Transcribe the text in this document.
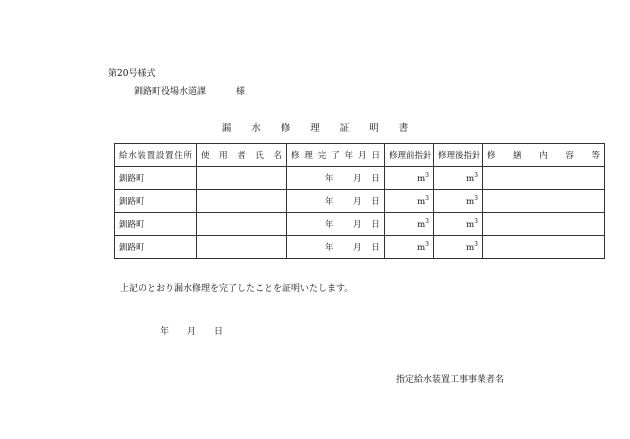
第20号様式
釧路町役場水道課	様
漏水修理証明書
給水装置設置住所	使用者氏名	修理完了年月日	修理前指針	修理後指針	修繕内容等
釧路町		年 月 日	$m^3$	$m^3$	
釧路町		年 月 日	$m^3$	$m^3$	
釧路町		年 月 日	$m^3$	$m^3$	
釧路町		年 月 日	$m^3$	$m^3$	
上記のとおり漏水修理を完了したことを証明いたします。
年 月 日
指定給水装置工事事業者名
